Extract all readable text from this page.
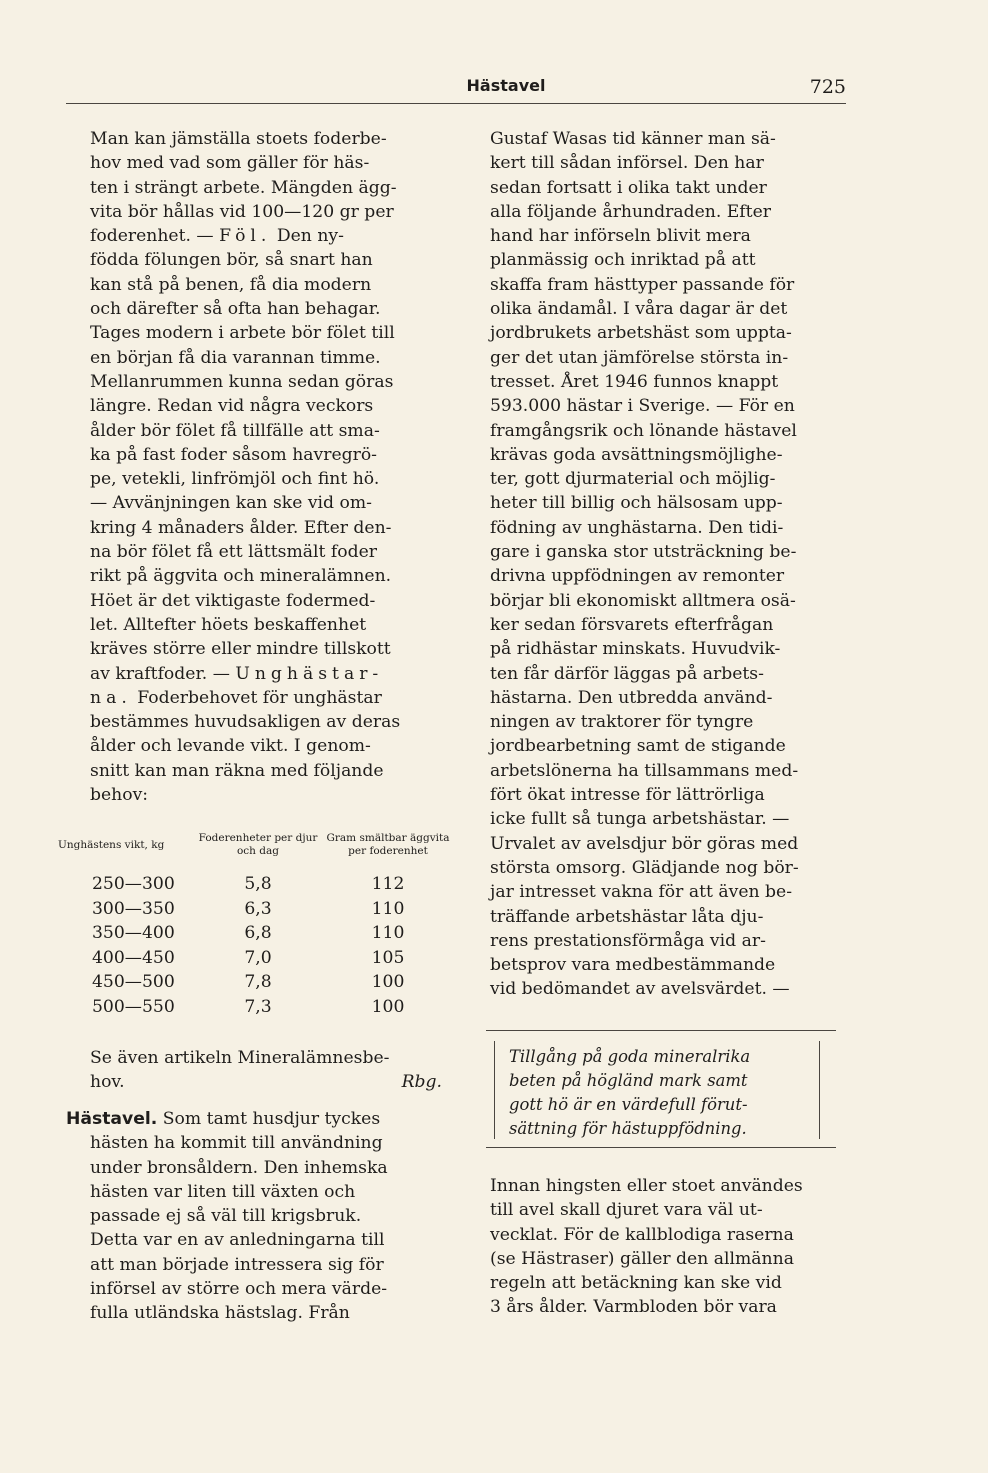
Hästavel	725

Man kan jämställa stoets foderbe-

hov med vad som gäller för häs-

ten i strängt arbete. Mängden ägg-

vita bör hållas vid 100—120 gr per

foderenhet. — Föl. Den ny-

födda fölungen bör, så snart han

kan stå på benen, få dia modern

och därefter så ofta han behagar.

Tages modern i arbete bör fölet till

en början få dia varannan timme.

Mellanrummen kunna sedan göras

längre. Redan vid några veckors

ålder bör fölet få tillfälle att sma-

ka på fast foder såsom havregrö-

pe, vetekli, linfrömjöl och fint hö.

— Avvänjningen kan ske vid om-

kring 4 månaders ålder. Efter den-

na bör fölet få ett lättsmält foder

rikt på äggvita och mineralämnen.

Höet är det viktigaste fodermed-

let. Alltefter höets beskaffenhet

kräves större eller mindre tillskott

av kraftfoder. — Unghästar-

na. Foderbehovet för unghästar

bestämmes huvudsakligen av deras

ålder och levande vikt. I genom-

snitt kan man räkna med följande

behov:

Unghästens vikt, kg	Foderenheter per djur och dag	Gram smältbar äggvita per foderenhet
250—300	5,8	112
300—350	6,3	110
350—400	6,8	110
400—450	7,0	105
450—500	7,8	100
500—550	7,3	100

Se även artikeln Mineralämnesbe-

hov.	Rbg.

Hästavel. Som tamt husdjur tyckes

hästen ha kommit till användning

under bronsåldern. Den inhemska

hästen var liten till växten och

passade ej så väl till krigsbruk.

Detta var en av anledningarna till

att man började intressera sig för

införsel av större och mera värde-

fulla utländska hästslag. Från

Gustaf Wasas tid känner man sä-

kert till sådan införsel. Den har

sedan fortsatt i olika takt under

alla följande århundraden. Efter

hand har införseln blivit mera

planmässig och inriktad på att

skaffa fram hästtyper passande för

olika ändamål. I våra dagar är det

jordbrukets arbetshäst som uppta-

ger det utan jämförelse största in-

tresset. Året 1946 funnos knappt

593.000 hästar i Sverige. — För en

framgångsrik och lönande hästavel

krävas goda avsättningsmöjlighe-

ter, gott djurmaterial och möjlig-

heter till billig och hälsosam upp-

födning av unghästarna. Den tidi-

gare i ganska stor utsträckning be-

drivna uppfödningen av remonter

börjar bli ekonomiskt alltmera osä-

ker sedan försvarets efterfrågan

på ridhästar minskats. Huvudvik-

ten får därför läggas på arbets-

hästarna. Den utbredda använd-

ningen av traktorer för tyngre

jordbearbetning samt de stigande

arbetslönerna ha tillsammans med-

fört ökat intresse för lättrörliga

icke fullt så tunga arbetshästar. —

Urvalet av avelsdjur bör göras med

största omsorg. Glädjande nog bör-

jar intresset vakna för att även be-

träffande arbetshästar låta dju-

rens prestationsförmåga vid ar-

betsprov vara medbestämmande

vid bedömandet av avelsvärdet. —

Tillgång på goda mineralrika
beten på högländ mark samt
gott hö är en värdefull förut-
sättning för hästuppfödning.

Innan hingsten eller stoet användes

till avel skall djuret vara väl ut-

vecklat. För de kallblodiga raserna

(se Hästraser) gäller den allmänna

regeln att betäckning kan ske vid

3 års ålder. Varmbloden bör vara
